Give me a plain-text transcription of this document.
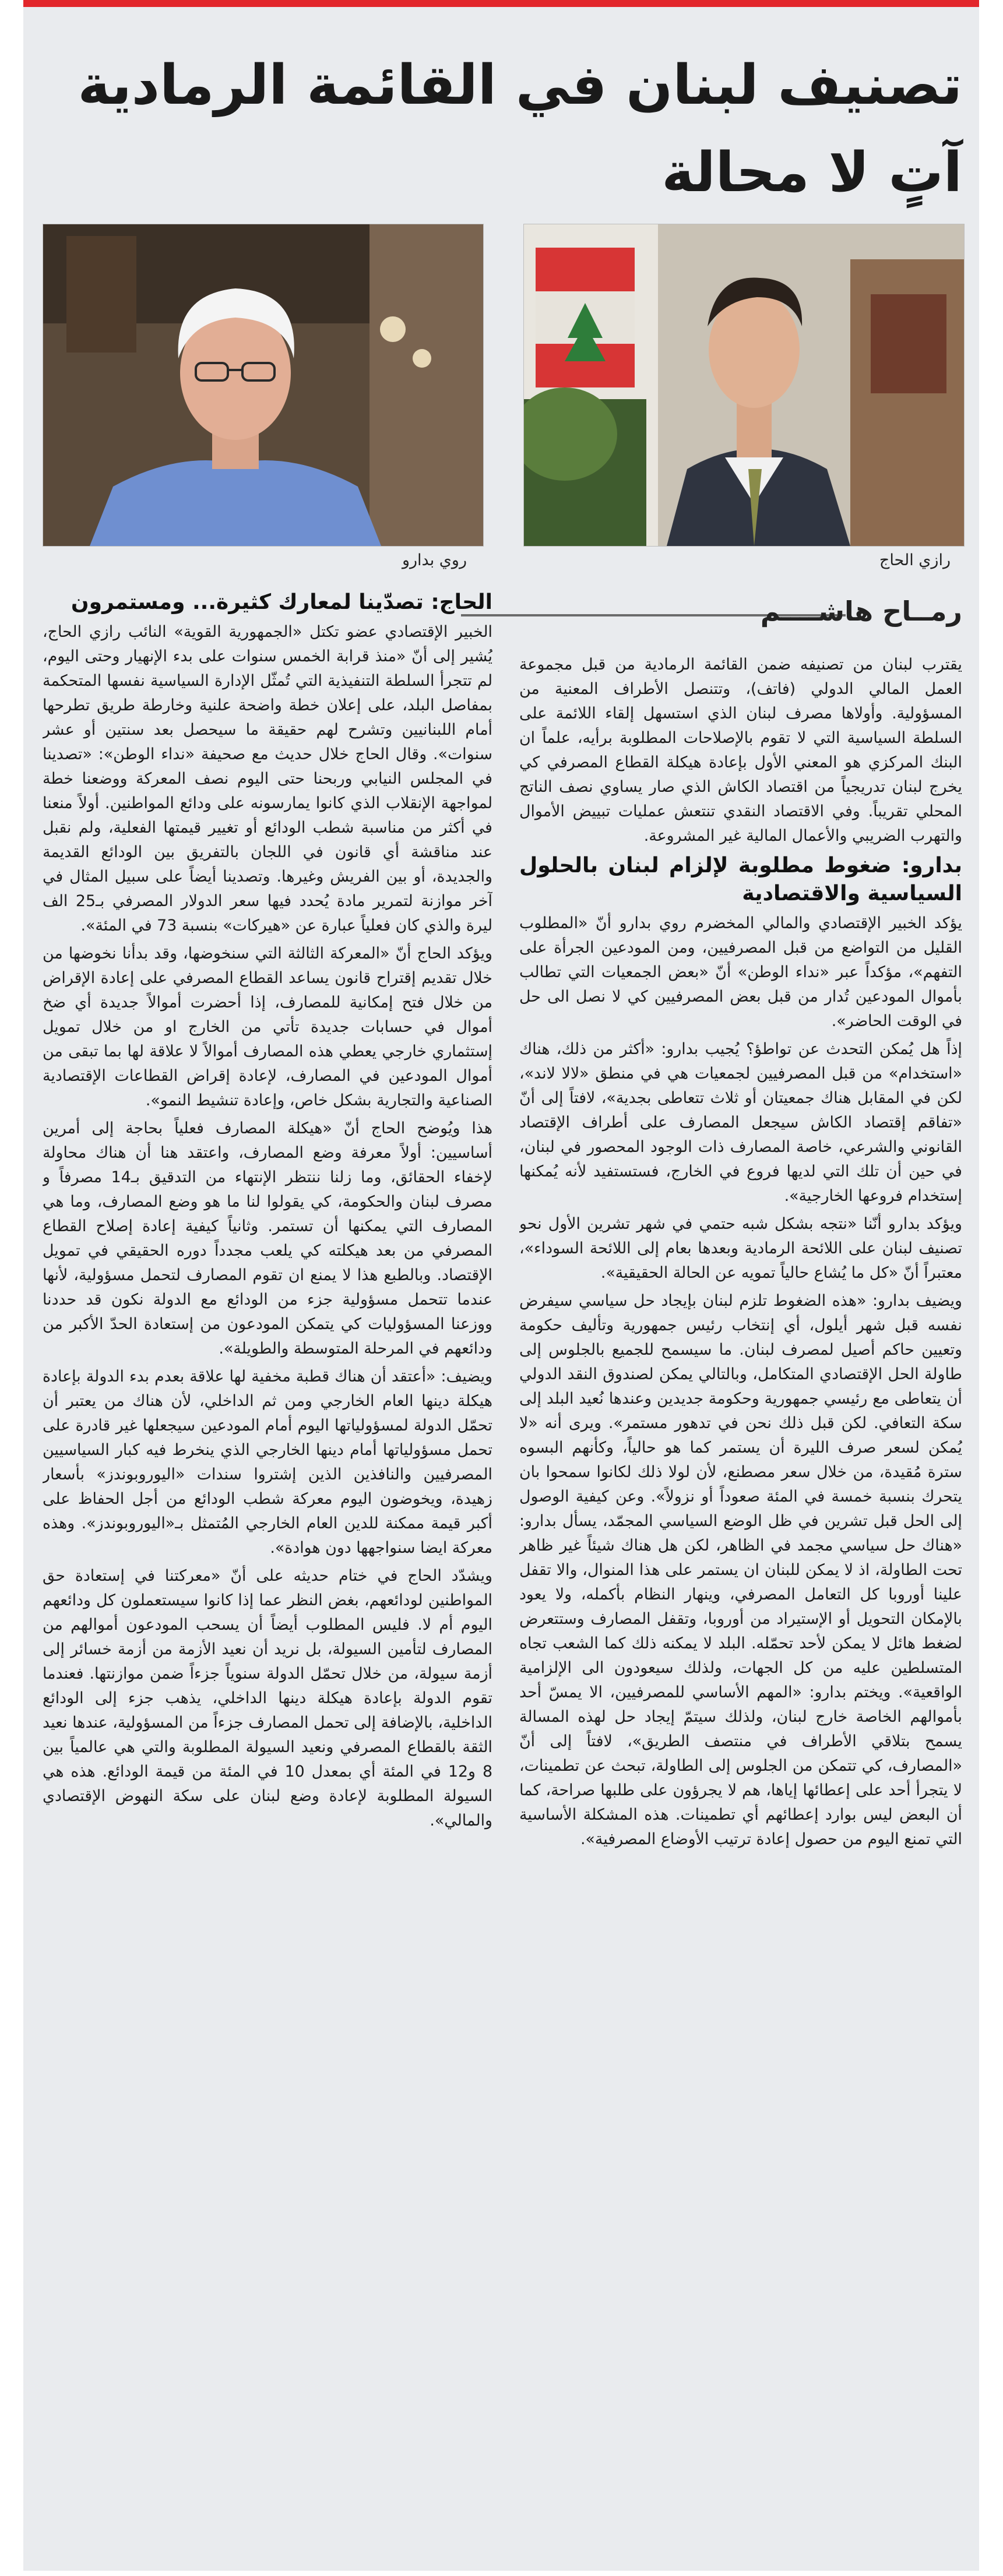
تصنيف لبنان في القائمة الرمادية آتٍ لا محالة
رازي الحاج
روي بدارو
رمــاح هاشــــم

يقترب لبنان من تصنيفه ضمن القائمة الرمادية من قبل مجموعة العمل المالي الدولي (فاتف)، وتتنصل الأطراف المعنية من المسؤولية. وأولاها مصرف لبنان الذي استسهل إلقاء اللائمة على السلطة السياسية التي لا تقوم بالإصلاحات المطلوبة برأيه، علماً ان البنك المركزي هو المعني الأول بإعادة هيكلة القطاع المصرفي كي يخرج لبنان تدريجياً من اقتصاد الكاش الذي صار يساوي نصف الناتج المحلي تقريباً. وفي الاقتصاد النقدي تنتعش عمليات تبييض الأموال والتهرب الضريبي والأعمال المالية غير المشروعة.

بدارو: ضغوط مطلوبة لإلزام لبنان بالحلول السياسية والاقتصادية

يؤكد الخبير الإقتصادي والمالي المخضرم روي بدارو أنّ «المطلوب القليل من التواضع من قبل المصرفيين، ومن المودعين الجرأة على التفهم»، مؤكداً عبر «نداء الوطن» أنّ «بعض الجمعيات التي تطالب بأموال المودعين تُدار من قبل بعض المصرفيين كي لا نصل الى حل في الوقت الحاضر».

إذاً هل يُمكن التحدث عن تواطؤ؟ يُجيب بدارو: «أكثر من ذلك، هناك «استخدام» من قبل المصرفيين لجمعيات هي في منطق «لالا لاند»، لكن في المقابل هناك جمعيتان أو ثلاث تتعاطى بجدية»، لافتاً إلى أنّ «تفاقم إقتصاد الكاش سيجعل المصارف على أطراف الإقتصاد القانوني والشرعي، خاصة المصارف ذات الوجود المحصور في لبنان، في حين أن تلك التي لديها فروع في الخارج، فستستفيد لأنه يُمكنها إستخدام فروعها الخارجية».

ويؤكد بدارو أنّنا «نتجه بشكل شبه حتمي في شهر تشرين الأول نحو تصنيف لبنان على اللائحة الرمادية وبعدها بعام إلى اللائحة السوداء»، معتبراً أنّ «كل ما يُشاع حالياً تمويه عن الحالة الحقيقية».

ويضيف بدارو: «هذه الضغوط تلزم لبنان بإيجاد حل سياسي سيفرض نفسه قبل شهر أيلول، أي إنتخاب رئيس جمهورية وتأليف حكومة وتعيين حاكم أصيل لمصرف لبنان. ما سيسمح للجميع بالجلوس إلى طاولة الحل الإقتصادي المتكامل، وبالتالي يمكن لصندوق النقد الدولي أن يتعاطى مع رئيسي جمهورية وحكومة جديدين وعندها نُعيد البلد إلى سكة التعافي. لكن قبل ذلك نحن في تدهور مستمر». ويرى أنه «لا يُمكن لسعر صرف الليرة أن يستمر كما هو حالياً، وكأنهم البسوه سترة مُقيدة، من خلال سعر مصطنع، لأن لولا ذلك لكانوا سمحوا بان يتحرك بنسبة خمسة في المئة صعوداً أو نزولاً». وعن كيفية الوصول إلى الحل قبل تشرين في ظل الوضع السياسي المجمّد، يسأل بدارو: «هناك حل سياسي مجمد في الظاهر، لكن هل هناك شيئاً غير ظاهر تحت الطاولة، اذ لا يمكن للبنان ان يستمر على هذا المنوال، والا تقفل علينا أوروبا كل التعامل المصرفي، وينهار النظام بأكمله، ولا يعود بالإمكان التحويل أو الإستيراد من أوروبا، وتقفل المصارف وستتعرض لضغط هائل لا يمكن لأحد تحمّله. البلد لا يمكنه ذلك كما الشعب تجاه المتسلطين عليه من كل الجهات، ولذلك سيعودون الى الإلزامية الواقعية». ويختم بدارو: «المهم الأساسي للمصرفيين، الا يمسّ أحد بأموالهم الخاصة خارج لبنان، ولذلك سيتمّ إيجاد حل لهذه المسالة يسمح بتلاقي الأطراف في منتصف الطريق»، لافتاً إلى أنّ «المصارف، كي تتمكن من الجلوس إلى الطاولة، تبحث عن تطمينات، لا يتجرأ أحد على إعطائها إياها، هم لا يجرؤون على طلبها صراحة، كما أن البعض ليس بوارد إعطائهم أي تطمينات. هذه المشكلة الأساسية التي تمنع اليوم من حصول إعادة ترتيب الأوضاع المصرفية».

الحاج: تصدّينا لمعارك كثيرة... ومستمرون

الخبير الإقتصادي عضو تكتل «الجمهورية القوية» النائب رازي الحاج، يُشير إلى أنّ «منذ قرابة الخمس سنوات على بدء الإنهيار وحتى اليوم، لم تتجرأ السلطة التنفيذية التي تُمثّل الإدارة السياسية نفسها المتحكمة بمفاصل البلد، على إعلان خطة واضحة علنية وخارطة طريق تطرحها أمام اللبنانيين وتشرح لهم حقيقة ما سيحصل بعد سنتين أو عشر سنوات». وقال الحاج خلال حديث مع صحيفة «نداء الوطن»: «تصدينا في المجلس النيابي وربحنا حتى اليوم نصف المعركة ووضعنا خطة لمواجهة الإنقلاب الذي كانوا يمارسونه على ودائع المواطنين. أولاً منعنا في أكثر من مناسبة شطب الودائع أو تغيير قيمتها الفعلية، ولم نقبل عند مناقشة أي قانون في اللجان بالتفريق بين الودائع القديمة والجديدة، أو بين الفريش وغيرها. وتصدينا أيضاً على سبيل المثال في آخر موازنة لتمرير مادة يُحدد فيها سعر الدولار المصرفي بـ25 الف ليرة والذي كان فعلياً عبارة عن «هيركات» بنسبة 73 في المئة».

ويؤكد الحاج أنّ «المعركة الثالثة التي سنخوضها، وقد بدأنا نخوضها من خلال تقديم إقتراح قانون يساعد القطاع المصرفي على إعادة الإقراض من خلال فتح إمكانية للمصارف، إذا أحضرت أموالاً جديدة أي ضخ أموال في حسابات جديدة تأتي من الخارج او من خلال تمويل إستثماري خارجي يعطي هذه المصارف أموالاً لا علاقة لها بما تبقى من أموال المودعين في المصارف، لإعادة إقراض القطاعات الإقتصادية الصناعية والتجارية بشكل خاص، وإعادة تنشيط النمو».

هذا ويُوضح الحاج أنّ «هيكلة المصارف فعلياً بحاجة إلى أمرين أساسيين: أولاً معرفة وضع المصارف، واعتقد هنا أن هناك محاولة لإخفاء الحقائق، وما زلنا ننتظر الإنتهاء من التدقيق بـ14 مصرفاً و مصرف لبنان والحكومة، كي يقولوا لنا ما هو وضع المصارف، وما هي المصارف التي يمكنها أن تستمر. وثانياً كيفية إعادة إصلاح القطاع المصرفي من بعد هيكلته كي يلعب مجدداً دوره الحقيقي في تمويل الإقتصاد. وبالطبع هذا لا يمنع ان تقوم المصارف لتحمل مسؤولية، لأنها عندما تتحمل مسؤولية جزء من الودائع مع الدولة نكون قد حددنا ووزعنا المسؤوليات كي يتمكن المودعون من إستعادة الحدّ الأكبر من ودائعهم في المرحلة المتوسطة والطويلة».

ويضيف: «أعتقد أن هناك قطبة مخفية لها علاقة بعدم بدء الدولة بإعادة هيكلة دينها العام الخارجي ومن ثم الداخلي، لأن هناك من يعتبر أن تحمّل الدولة لمسؤولياتها اليوم أمام المودعين سيجعلها غير قادرة على تحمل مسؤولياتها أمام دينها الخارجي الذي ينخرط فيه كبار السياسيين المصرفيين والنافذين الذين إشتروا سندات «اليوروبوندز» بأسعار زهيدة، ويخوضون اليوم معركة شطب الودائع من أجل الحفاظ على أكبر قيمة ممكنة للدين العام الخارجي المُتمثل بـ«اليوروبوندز». وهذه معركة ايضا سنواجهها دون هوادة».

ويشدّد الحاج في ختام حديثه على أنّ «معركتنا في إستعادة حق المواطنين لودائعهم، بغض النظر عما إذا كانوا سيستعملون كل ودائعهم اليوم أم لا. فليس المطلوب أيضاً أن يسحب المودعون أموالهم من المصارف لتأمين السيولة، بل نريد أن نعيد الأزمة من أزمة خسائر إلى أزمة سيولة، من خلال تحمّل الدولة سنوياً جزءاً ضمن موازنتها. فعندما تقوم الدولة بإعادة هيكلة دينها الداخلي، يذهب جزء إلى الودائع الداخلية، بالإضافة إلى تحمل المصارف جزءاً من المسؤولية، عندها نعيد الثقة بالقطاع المصرفي ونعيد السيولة المطلوبة والتي هي عالمياً بين 8 و12 في المئة أي بمعدل 10 في المئة من قيمة الودائع. هذه هي السيولة المطلوبة لإعادة وضع لبنان على سكة النهوض الإقتصادي والمالي».
